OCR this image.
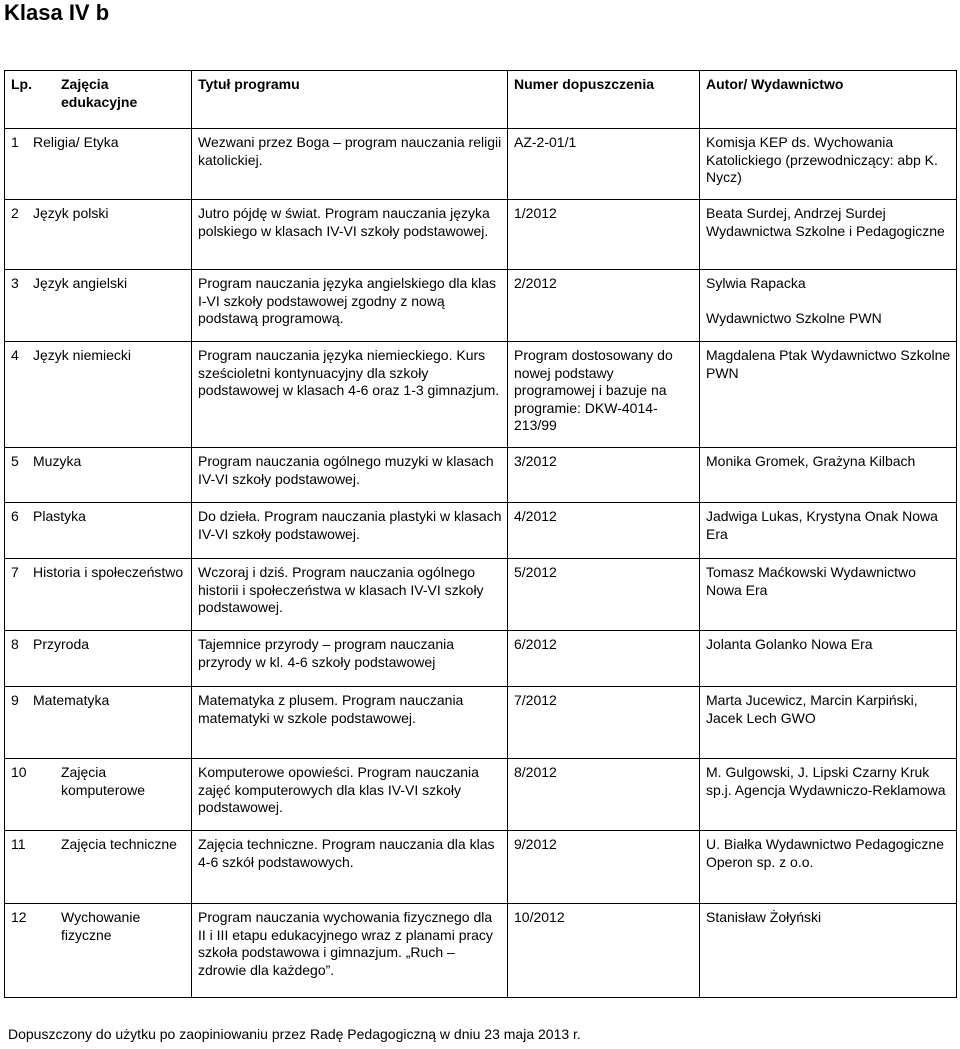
Klasa IV b
Lp. Zajęcia edukacyjne	Tytuł programu	Numer dopuszczenia	Autor/ Wydawnictwo

1 Religia/ Etyka	Wezwani przez Boga – program nauczania religii katolickiej.	AZ-2-01/1	Komisja KEP ds. Wychowania Katolickiego (przewodniczący: abp K. Nycz)

2 Język polski	Jutro pójdę w świat. Program nauczania języka polskiego w klasach IV-VI szkoły podstawowej.	1/2012	Beata Surdej, Andrzej Surdej Wydawnictwa Szkolne i Pedagogiczne

3 Język angielski	Program nauczania języka angielskiego dla klas I-VI szkoły podstawowej zgodny z nową podstawą programową.	2/2012	Sylwia Rapacka
Wydawnictwo Szkolne PWN

4 Język niemiecki	Program nauczania języka niemieckiego. Kurs sześcioletni kontynuacyjny dla szkoły podstawowej w klasach 4-6 oraz 1-3 gimnazjum.	Program dostosowany do nowej podstawy programowej i bazuje na programie: DKW-4014-213/99	Magdalena Ptak Wydawnictwo Szkolne PWN

5 Muzyka	Program nauczania ogólnego muzyki w klasach IV-VI szkoły podstawowej.	3/2012	Monika Gromek, Grażyna Kilbach

6 Plastyka	Do dzieła. Program nauczania plastyki w klasach IV-VI szkoły podstawowej.	4/2012	Jadwiga Lukas, Krystyna Onak Nowa Era

7 Historia i społeczeństwo	Wczoraj i dziś. Program nauczania ogólnego historii i społeczeństwa w klasach IV-VI szkoły podstawowej.	5/2012	Tomasz Maćkowski Wydawnictwo Nowa Era

8 Przyroda	Tajemnice przyrody – program nauczania przyrody w kl. 4-6 szkoły podstawowej	6/2012	Jolanta Golanko Nowa Era

9 Matematyka	Matematyka z plusem. Program nauczania matematyki w szkole podstawowej.	7/2012	Marta Jucewicz, Marcin Karpiński, Jacek Lech GWO

10 Zajęcia komputerowe	Komputerowe opowieści. Program nauczania zajęć komputerowych dla klas IV-VI szkoły podstawowej.	8/2012	M. Gulgowski, J. Lipski Czarny Kruk sp.j. Agencja Wydawniczo-Reklamowa

11 Zajęcia techniczne	Zajęcia techniczne. Program nauczania dla klas 4-6 szkół podstawowych.	9/2012	U. Białka Wydawnictwo Pedagogiczne Operon sp. z o.o.

12 Wychowanie fizyczne	Program nauczania wychowania fizycznego dla II i III etapu edukacyjnego wraz z planami pracy szkoła podstawowa i gimnazjum. „Ruch – zdrowie dla każdego”.	10/2012	Stanisław Żołyński
Dopuszczony do użytku po zaopiniowaniu przez Radę Pedagogiczną w dniu 23 maja 2013 r.
